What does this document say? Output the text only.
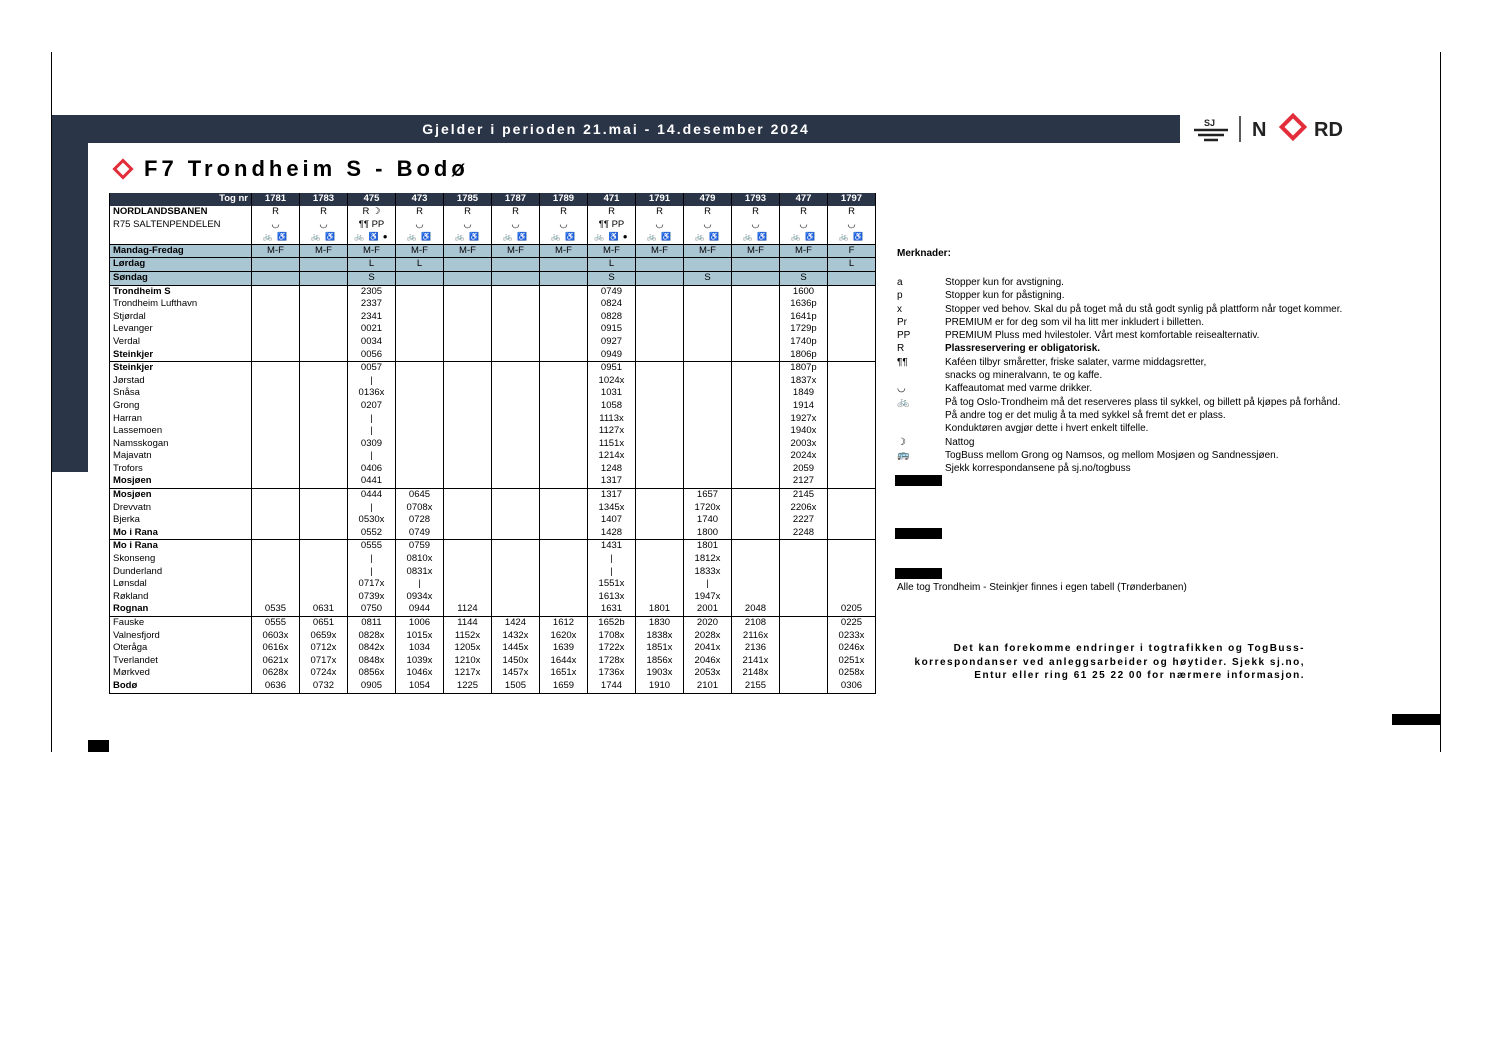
Gjelder i perioden 21.mai - 14.desember 2024	SJ N RD
F7 Trondheim S - Bodø
Tog nr	1781	1783	475	473	1785	1787	1789	471	1791	479	1793	477	1797
NORDLANDSBANEN	R	R	R ☽	R	R	R	R	R	R	R	R	R	R
R75 SALTENPENDELEN	◡	◡	¶¶ PP	◡	◡	◡	◡	¶¶ PP	◡	◡	◡	◡	◡
	🚲 ♿	🚲 ♿	🚲 ♿ ●	🚲 ♿	🚲 ♿	🚲 ♿	🚲 ♿	🚲 ♿ ●	🚲 ♿	🚲 ♿	🚲 ♿	🚲 ♿	🚲 ♿
Mandag-Fredag	M-F	M-F	M-F	M-F	M-F	M-F	M-F	M-F	M-F	M-F	M-F	M-F	F
Lørdag			L	L				L					L
Søndag			S					S		S		S	
Trondheim S			2305					0749				1600	
Trondheim Lufthavn			2337					0824				1636p	
Stjørdal			2341					0828				1641p	
Levanger			0021					0915				1729p	
Verdal			0034					0927				1740p	
Steinkjer			0056					0949				1806p	
Steinkjer			0057					0951				1807p	
Jørstad			|					1024x				1837x	
Snåsa			0136x					1031				1849	
Grong			0207					1058				1914	
Harran			|					1113x				1927x	
Lassemoen			|					1127x				1940x	
Namsskogan			0309					1151x				2003x	
Majavatn			|					1214x				2024x	
Trofors			0406					1248				2059	
Mosjøen			0441					1317				2127	
Mosjøen			0444	0645				1317		1657		2145	
Drevvatn			|	0708x				1345x		1720x		2206x	
Bjerka			0530x	0728				1407		1740		2227	
Mo i Rana			0552	0749				1428		1800		2248	
Mo i Rana			0555	0759				1431		1801			
Skonseng			|	0810x				|		1812x			
Dunderland			|	0831x				|		1833x			
Lønsdal			0717x	|				1551x		|			
Røkland			0739x	0934x				1613x		1947x			
Rognan	0535	0631	0750	0944	1124			1631	1801	2001	2048		0205
Fauske	0555	0651	0811	1006	1144	1424	1612	1652b	1830	2020	2108		0225
Valnesfjord	0603x	0659x	0828x	1015x	1152x	1432x	1620x	1708x	1838x	2028x	2116x		0233x
Oteråga	0616x	0712x	0842x	1034	1205x	1445x	1639	1722x	1851x	2041x	2136		0246x
Tverlandet	0621x	0717x	0848x	1039x	1210x	1450x	1644x	1728x	1856x	2046x	2141x		0251x
Mørkved	0628x	0724x	0856x	1046x	1217x	1457x	1651x	1736x	1903x	2053x	2148x		0258x
Bodø	0636	0732	0905	1054	1225	1505	1659	1744	1910	2101	2155		0306
Merknader:
a	Stopper kun for avstigning.
p	Stopper kun for påstigning.
x	Stopper ved behov. Skal du på toget må du stå godt synlig på plattform når toget kommer.
Pr	PREMIUM er for deg som vil ha litt mer inkludert i billetten.
PP	PREMIUM Pluss med hvilestoler. Vårt mest komfortable reisealternativ.
R	Plassreservering er obligatorisk.
¶¶	Kaféen tilbyr småretter, friske salater, varme middagsretter,
snacks og mineralvann, te og kaffe.
◡	Kaffeautomat med varme drikker.
🚲	På tog Oslo-Trondheim må det reserveres plass til sykkel, og billett på kjøpes på forhånd.
På andre tog er det mulig å ta med sykkel så fremt det er plass.
Konduktøren avgjør dette i hvert enkelt tilfelle.
☽	Nattog
🚌	TogBuss mellom Grong og Namsos, og mellom Mosjøen og Sandnessjøen.
Sjekk korrespondansene på sj.no/togbuss
Alle tog Trondheim - Steinkjer finnes i egen tabell (Trønderbanen)
Det kan forekomme endringer i togtrafikken og TogBuss-korrespondanser ved anleggsarbeider og høytider. Sjekk sj.no, Entur eller ring 61 25 22 00 for nærmere informasjon.
